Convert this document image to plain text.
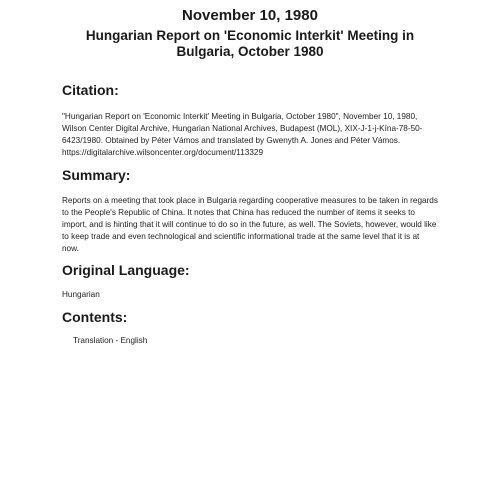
November 10, 1980
Hungarian Report on 'Economic Interkit' Meeting in
Bulgaria, October 1980
Citation:
"Hungarian Report on 'Economic Interkit' Meeting in Bulgaria, October 1980", November 10, 1980, Wilson Center Digital Archive, Hungarian National Archives, Budapest (MOL), XIX-J-1-j-Kína-78-50-6423/1980. Obtained by Péter Vámos and translated by Gwenyth A. Jones and Péter Vámos. https://digitalarchive.wilsoncenter.org/document/113329
Summary:
Reports on a meeting that took place in Bulgaria regarding cooperative measures to be taken in regards to the People's Republic of China. It notes that China has reduced the number of items it seeks to import, and is hinting that it will continue to do so in the future, as well. The Soviets, however, would like to keep trade and even technological and scientific informational trade at the same level that it is at now.
Original Language:
Hungarian
Contents:
Translation - English
